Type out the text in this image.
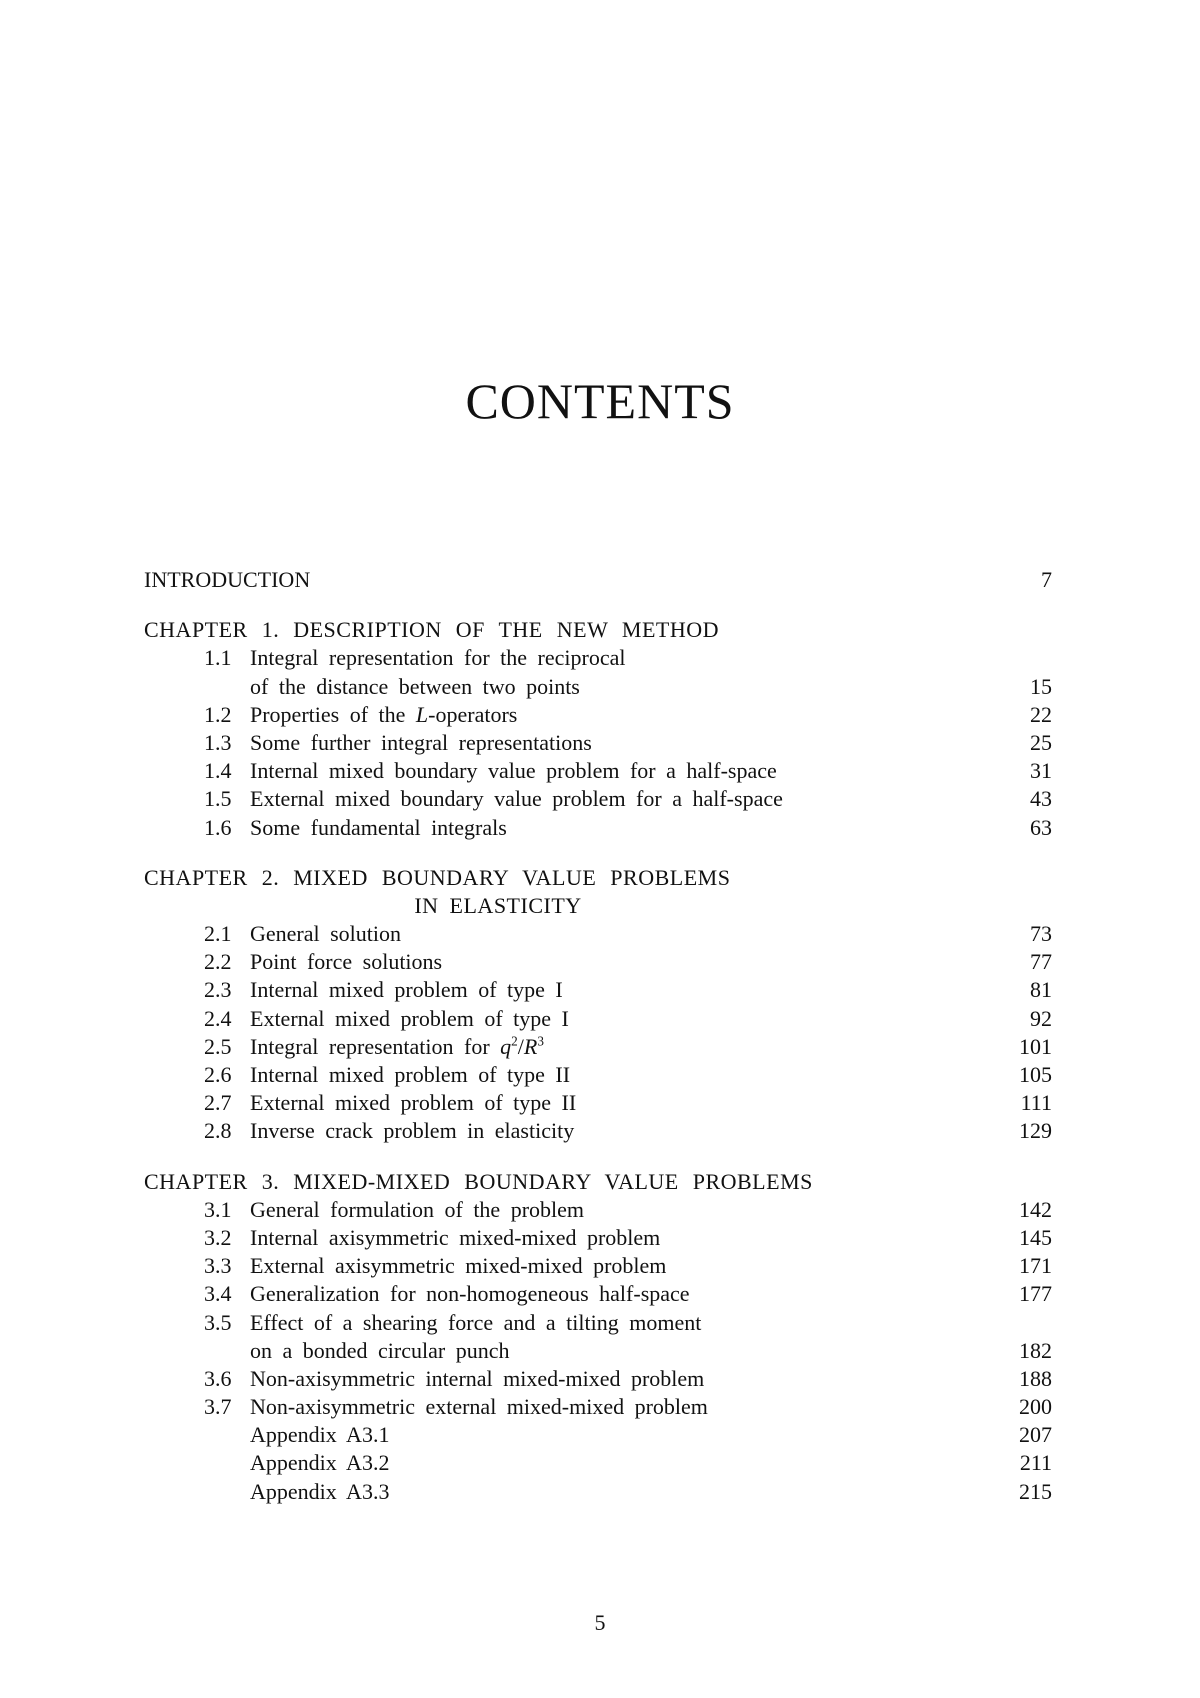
CONTENTS
INTRODUCTION	7
CHAPTER 1. DESCRIPTION OF THE NEW METHOD
1.1 Integral representation for the reciprocal
of the distance between two points	15
1.2 Properties of the L-operators	22
1.3 Some further integral representations	25
1.4 Internal mixed boundary value problem for a half-space	31
1.5 External mixed boundary value problem for a half-space	43
1.6 Some fundamental integrals	63
CHAPTER 2. MIXED BOUNDARY VALUE PROBLEMS
IN ELASTICITY
2.1 General solution	73
2.2 Point force solutions	77
2.3 Internal mixed problem of type I	81
2.4 External mixed problem of type I	92
2.5 Integral representation for $q^2/R^3$	101
2.6 Internal mixed problem of type II	105
2.7 External mixed problem of type II	111
2.8 Inverse crack problem in elasticity	129
CHAPTER 3. MIXED-MIXED BOUNDARY VALUE PROBLEMS
3.1 General formulation of the problem	142
3.2 Internal axisymmetric mixed-mixed problem	145
3.3 External axisymmetric mixed-mixed problem	171
3.4 Generalization for non-homogeneous half-space	177
3.5 Effect of a shearing force and a tilting moment
on a bonded circular punch	182
3.6 Non-axisymmetric internal mixed-mixed problem	188
3.7 Non-axisymmetric external mixed-mixed problem	200
Appendix A3.1	207
Appendix A3.2	211
Appendix A3.3	215
5
